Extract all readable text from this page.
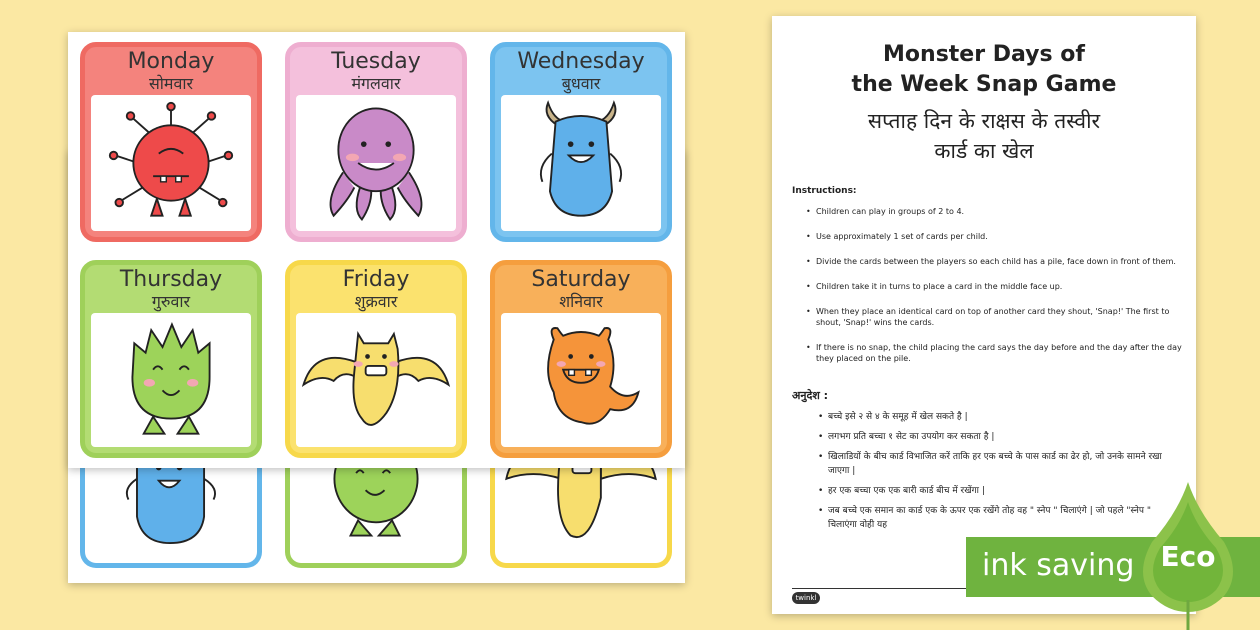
Monday
सोमवार
Tuesday
मंगलवार
Wednesday
बुधवार
Thursday
गुरुवार
Friday
शुक्रवार
Saturday
शनिवार
Monster Days of
the Week Snap Game
सप्ताह दिन के राक्षस के तस्वीर
कार्ड का खेल
Instructions:
• Children can play in groups of 2 to 4.
• Use approximately 1 set of cards per child.
• Divide the cards between the players so each child has a pile, face down in front of them.
• Children take it in turns to place a card in the middle face up.
• When they place an identical card on top of another card they shout, 'Snap!' The first to shout, 'Snap!' wins the cards.
• If there is no snap, the child placing the card says the day before and the day after the day they placed on the pile.
अनुदेश :
• बच्चे इसे २ से ४ के समूह में खेल सकते है |
• लगभग प्रति बच्चा १ सेट का उपयोग कर सकता है |
• खिलाडियों के बीच कार्ड विभाजित करें ताकि हर एक बच्चे के पास कार्ड का ढेर हो, जो उनके सामने रखा जाएगा |
• हर एक बच्चा एक एक बारी कार्ड बीच में रखेंगा |
• जब बच्चे एक समान का कार्ड एक के ऊपर एक रखेंगे तोह वह " स्नेप " चिलाएंगे | जो पहले "स्नेप " चिलाएंगा वोही यह
twinkl
ink saving Eco
